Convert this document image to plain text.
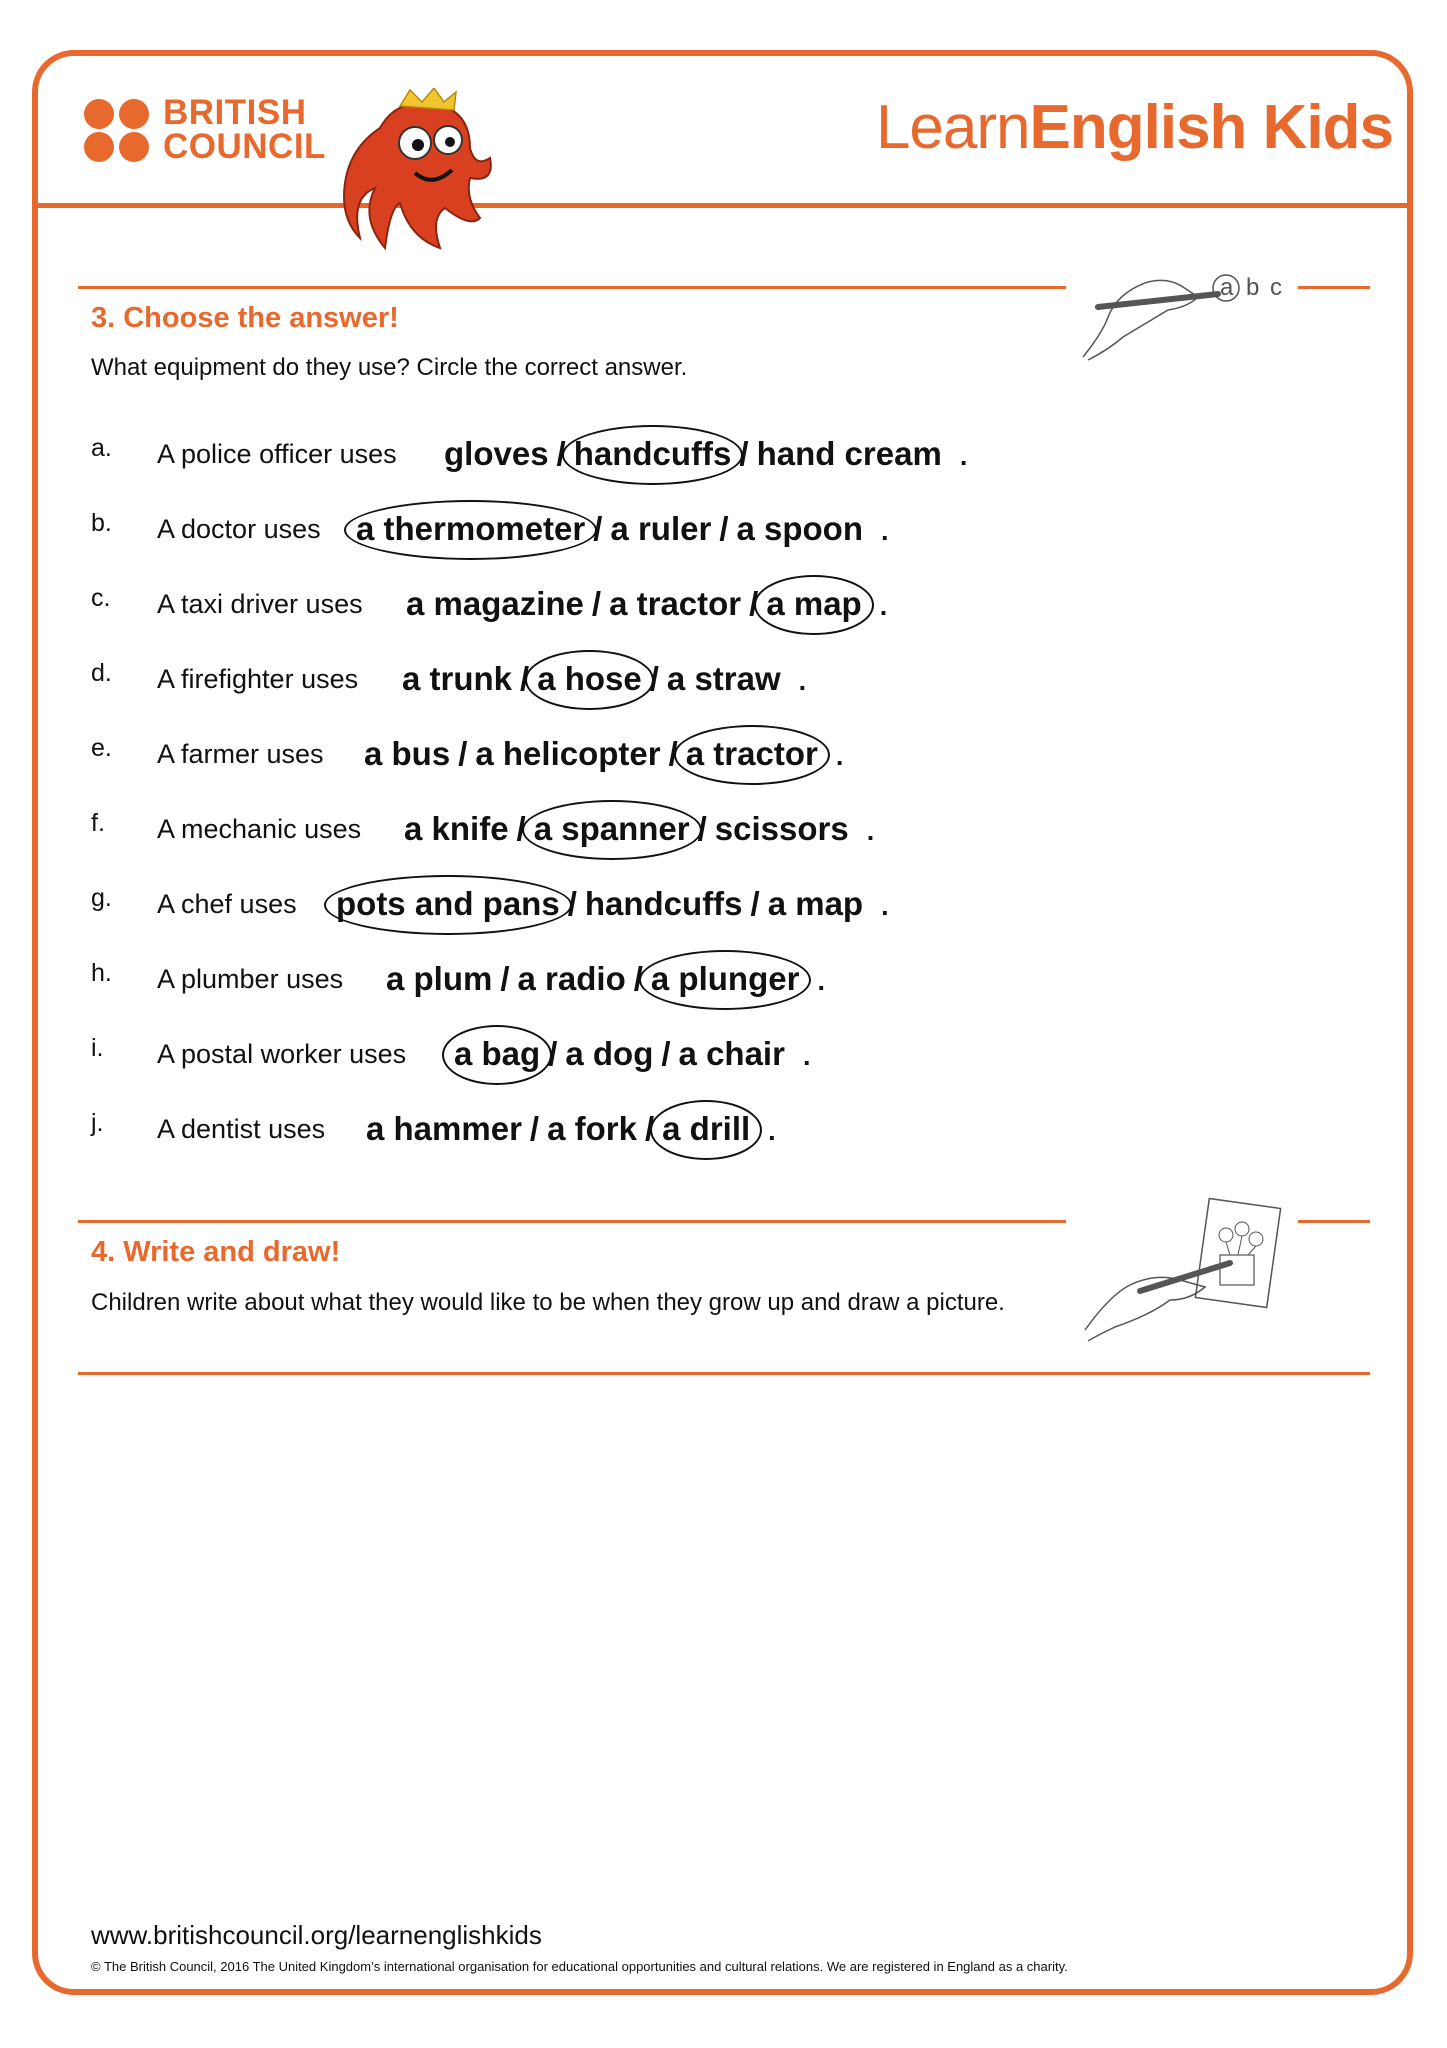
BRITISH
COUNCIL	LearnEnglish Kids
a b c
3. Choose the answer!
What equipment do they use? Circle the correct answer.
a. A police officer uses gloves / handcuffs / hand cream .
b. A doctor uses a thermometer / a ruler / a spoon .
c. A taxi driver uses a magazine / a tractor / a map .
d. A firefighter uses a trunk / a hose / a straw .
e. A farmer uses a bus / a helicopter / a tractor .
f. A mechanic uses a knife / a spanner / scissors .
g. A chef uses pots and pans / handcuffs / a map .
h. A plumber uses a plum / a radio / a plunger .
i. A postal worker uses a bag / a dog / a chair .
j. A dentist uses a hammer / a fork / a drill .
4. Write and draw!
Children write about what they would like to be when they grow up and draw a picture.
www.britishcouncil.org/learnenglishkids
© The British Council, 2016 The United Kingdom’s international organisation for educational opportunities and cultural relations. We are registered in England as a charity.
